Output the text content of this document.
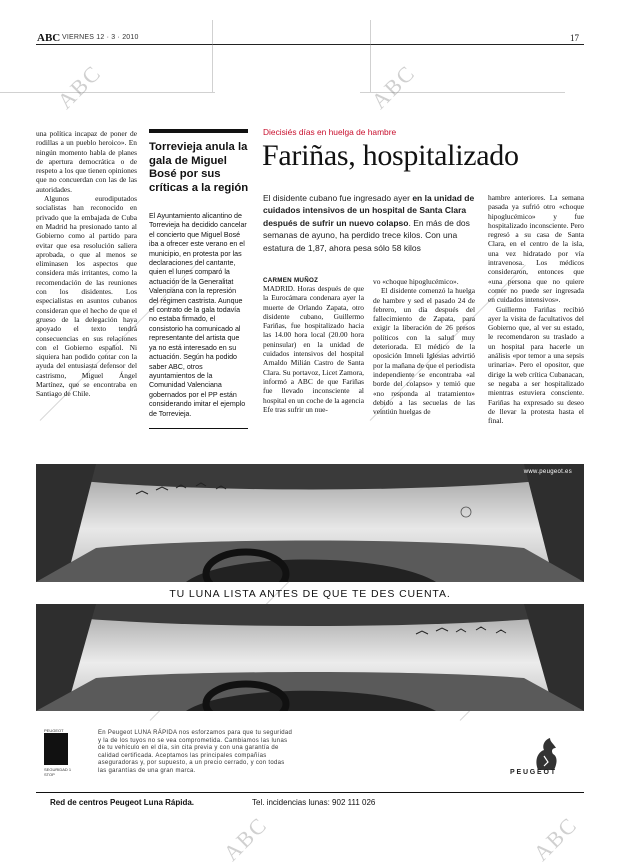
ABC VIERNES 12 · 3 · 2010	17
ABC	ABC
ABC	ABC

una política incapaz de poner de rodillas a un pueblo heroico». En ningún momento habla de planes de apertura democrática o de respeto a los que tienen opiniones que no concuerdan con las de las autoridades.

Algunos eurodiputados socialistas han reconocido en privado que la embajada de Cuba en Madrid ha presionado tanto al Gobierno como al partido para evitar que esa resolución saliera aprobada, o que al menos se eliminasen los aspectos que considera más irritantes, como la recomendación de las reuniones con los disidentes. Los especialistas en asuntos cubanos consideran que el hecho de que el grueso de la delegación haya apoyado el texto tendrá consecuencias en sus relaciones con el Gobierno español. Ni siquiera han podido contar con la ayuda del entusiasta defensor del castrismo, Miguel Ángel Martínez, que se encontraba en Santiago de Chile.

Torrevieja anula la gala de Miguel Bosé por sus críticas a la región
El Ayuntamiento alicantino de Torrevieja ha decidido cancelar el concierto que Miguel Bosé iba a ofrecer este verano en el municipio, en protesta por las declaraciones del cantante, quien el lunes comparó la actuación de la Generalitat Valenciana con la represión del régimen castrista. Aunque el contrato de la gala todavía no estaba firmado, el consistorio ha comunicado al representante del artista que ya no está interesado en su actuación. Según ha podido saber ABC, otros ayuntamientos de la Comunidad Valenciana gobernados por el PP están considerando imitar el ejemplo de Torrevieja.
Diecisiés días en huelga de hambre
Fariñas, hospitalizado
El disidente cubano fue ingresado ayer en la unidad de cuidados intensivos de un hospital de Santa Clara después de sufrir un nuevo colapso. En más de dos semanas de ayuno, ha perdido trece kilos. Con una estatura de 1,87, ahora pesa sólo 58 kilos
CARMEN MUÑOZ

MADRID. Horas después de que la Eurocámara condenara ayer la muerte de Orlando Zapata, otro disidente cubano, Guillermo Fariñas, fue hospitalizado hacia las 14.00 hora local (20.00 hora peninsular) en la unidad de cuidados intensivos del hospital Arnaldo Milián Castro de Santa Clara. Su portavoz, Licet Zamora, informó a ABC de que Fariñas fue llevado inconsciente al hospital en un coche de la agencia Efe tras sufrir un nue-

vo «choque hipoglucémico».

El disidente comenzó la huelga de hambre y sed el pasado 24 de febrero, un día después del fallecimiento de Zapata, para exigir la liberación de 26 presos políticos con la salud muy deteriorada. El médico de la oposición Imneli Iglesias advirtió por la mañana de que el periodista independiente se encontraba «al borde del colapso» y temió que «no responda al tratamiento» debido a las secuelas de las veintiún huelgas de

hambre anteriores. La semana pasada ya sufrió otro «choque hipoglucémico» y fue hospitalizado inconsciente. Pero regresó a su casa de Santa Clara, en el centro de la isla, una vez hidratado por vía intravenosa. Los médicos consideraron, entonces que «una persona que no quiere comer no puede ser ingresada en cuidados intensivos».

Guillermo Fariñas recibió ayer la visita de facultativos del Gobierno que, al ver su estado, le recomendaron su traslado a un hospital para hacerle un análisis «por temor a una sepsis urinaria». Pero el opositor, que dirige la web crítica Cubanacan, se negaba a ser hospitalizado mientras estuviera consciente. Fariñas ha expresado su deseo de llevar la protesta hasta el final.

www.peugeot.es
TU LUNA LISTA ANTES DE QUE TE DES CUENTA.
PEUGEOT
SEGURIDAD 1 STOP
En Peugeot LUNA RÁPIDA nos esforzamos para que tu seguridad y la de los tuyos no se vea comprometida. Cambiamos las lunas de tu vehículo en el día, sin cita previa y con una garantía de calidad certificada. Aceptamos las principales compañías aseguradoras y, por supuesto, a un precio cerrado, y con todas las garantías de una gran marca.	PEUGEOT
Red de centros Peugeot Luna Rápida.	Tel. incidencias lunas: 902 111 026
